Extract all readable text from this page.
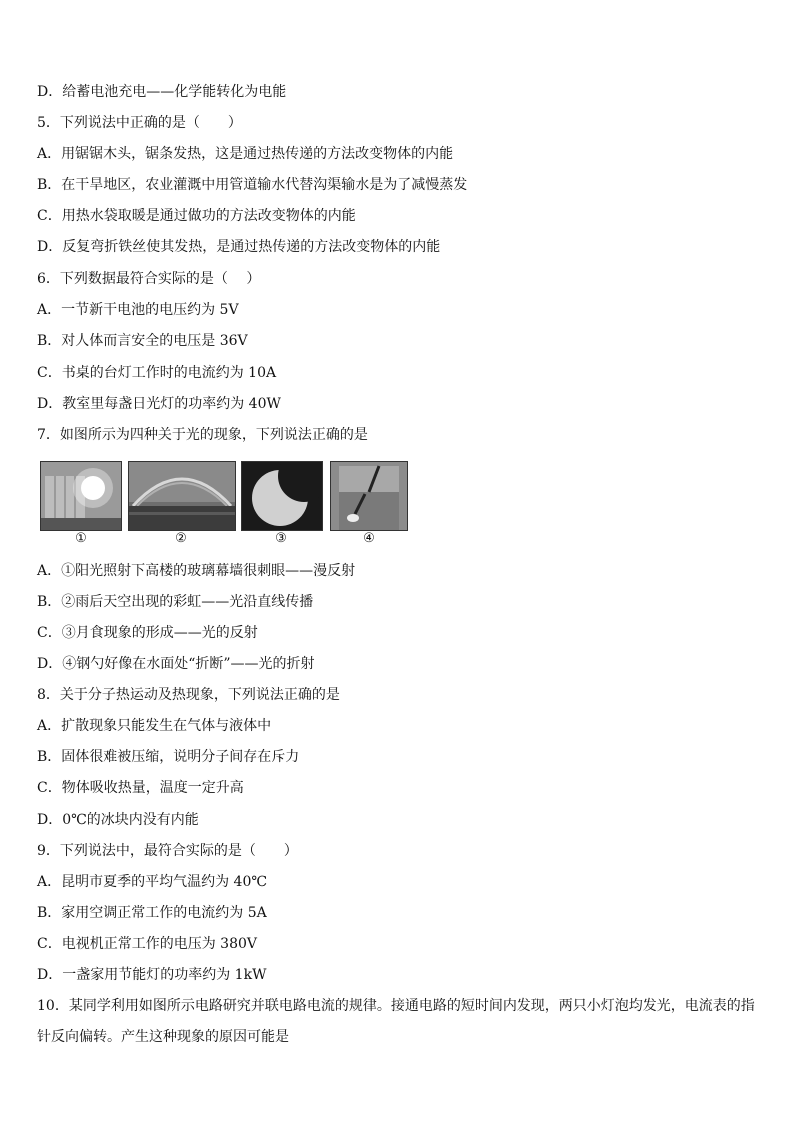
D．给蓄电池充电——化学能转化为电能
5．下列说法中正确的是（　　）
A．用锯锯木头，锯条发热，这是通过热传递的方法改变物体的内能
B．在干旱地区，农业灌溉中用管道输水代替沟渠输水是为了减慢蒸发
C．用热水袋取暖是通过做功的方法改变物体的内能
D．反复弯折铁丝使其发热，是通过热传递的方法改变物体的内能
6．下列数据最符合实际的是（　 ）
A．一节新干电池的电压约为 5V
B．对人体而言安全的电压是 36V
C．书桌的台灯工作时的电流约为 10A
D．教室里每盏日光灯的功率约为 40W
7．如图所示为四种关于光的现象，下列说法正确的是
①	②	③	④
A．①阳光照射下高楼的玻璃幕墙很刺眼——漫反射
B．②雨后天空出现的彩虹——光沿直线传播
C．③月食现象的形成——光的反射
D．④钢勺好像在水面处“折断”——光的折射
8．关于分子热运动及热现象，下列说法正确的是
A．扩散现象只能发生在气体与液体中
B．固体很难被压缩，说明分子间存在斥力
C．物体吸收热量，温度一定升高
D．0℃的冰块内没有内能
9．下列说法中，最符合实际的是（　　）
A．昆明市夏季的平均气温约为 40℃
B．家用空调正常工作的电流约为 5A
C．电视机正常工作的电压为 380V
D．一盏家用节能灯的功率约为 1kW
10．某同学利用如图所示电路研究并联电路电流的规律。接通电路的短时间内发现，两只小灯泡均发光，电流表的指针反向偏转。产生这种现象的原因可能是
